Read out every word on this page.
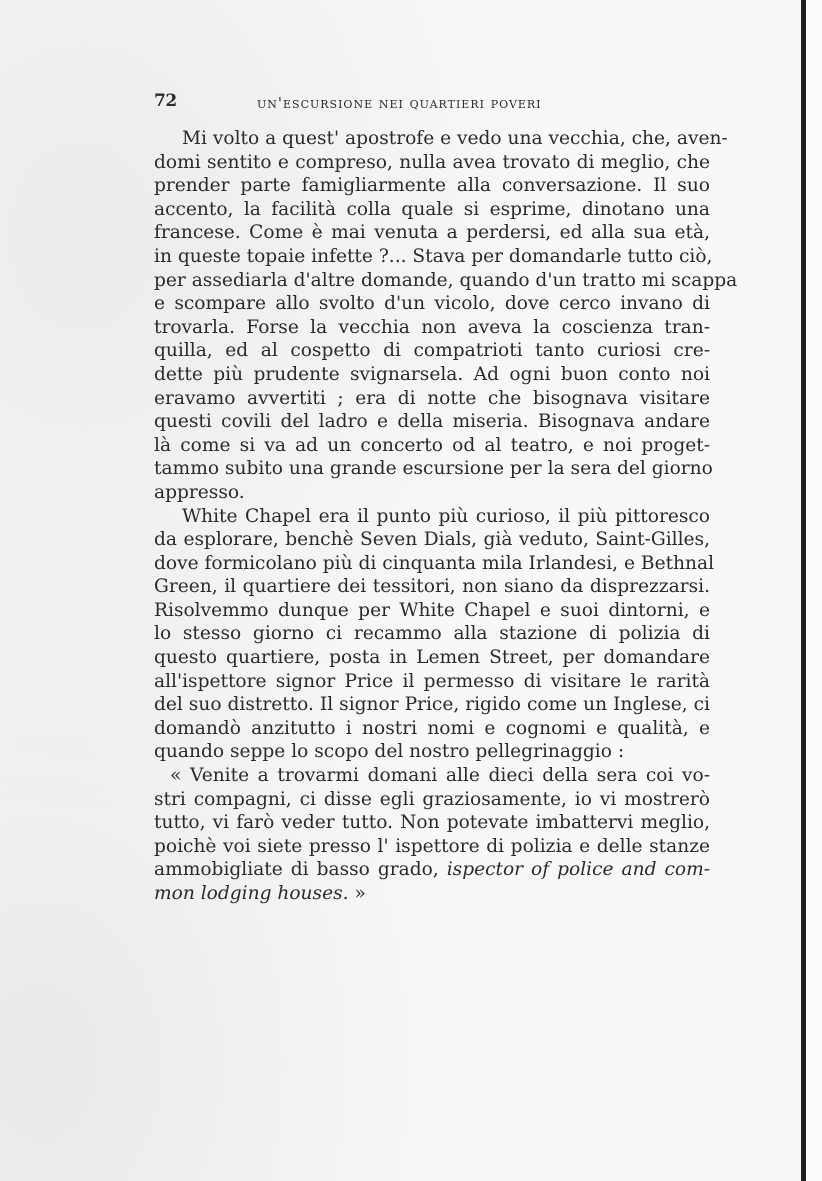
72	un'escursione nei quartieri poveri
Mi volto a quest' apostrofe e vedo una vecchia, che, aven-
domi sentito e compreso, nulla avea trovato di meglio, che
prender parte famigliarmente alla conversazione. Il suo
accento, la facilità colla quale si esprime, dinotano una
francese. Come è mai venuta a perdersi, ed alla sua età,
in queste topaie infette ?... Stava per domandarle tutto ciò,
per assediarla d'altre domande, quando d'un tratto mi scappa
e scompare allo svolto d'un vicolo, dove cerco invano di
trovarla. Forse la vecchia non aveva la coscienza tran-
quilla, ed al cospetto di compatrioti tanto curiosi cre-
dette più prudente svignarsela. Ad ogni buon conto noi
eravamo avvertiti ; era di notte che bisognava visitare
questi covili del ladro e della miseria. Bisognava andare
là come si va ad un concerto od al teatro, e noi proget-
tammo subito una grande escursione per la sera del giorno
appresso.
White Chapel era il punto più curioso, il più pittoresco
da esplorare, benchè Seven Dials, già veduto, Saint-Gilles,
dove formicolano più di cinquanta mila Irlandesi, e Bethnal
Green, il quartiere dei tessitori, non siano da disprezzarsi.
Risolvemmo dunque per White Chapel e suoi dintorni, e
lo stesso giorno ci recammo alla stazione di polizia di
questo quartiere, posta in Lemen Street, per domandare
all'ispettore signor Price il permesso di visitare le rarità
del suo distretto. Il signor Price, rigido come un Inglese, ci
domandò anzitutto i nostri nomi e cognomi e qualità, e
quando seppe lo scopo del nostro pellegrinaggio :
« Venite a trovarmi domani alle dieci della sera coi vo-
stri compagni, ci disse egli graziosamente, io vi mostrerò
tutto, vi farò veder tutto. Non potevate imbattervi meglio,
poichè voi siete presso l' ispettore di polizia e delle stanze
ammobigliate di basso grado, ispector of police and com-
mon lodging houses. »
